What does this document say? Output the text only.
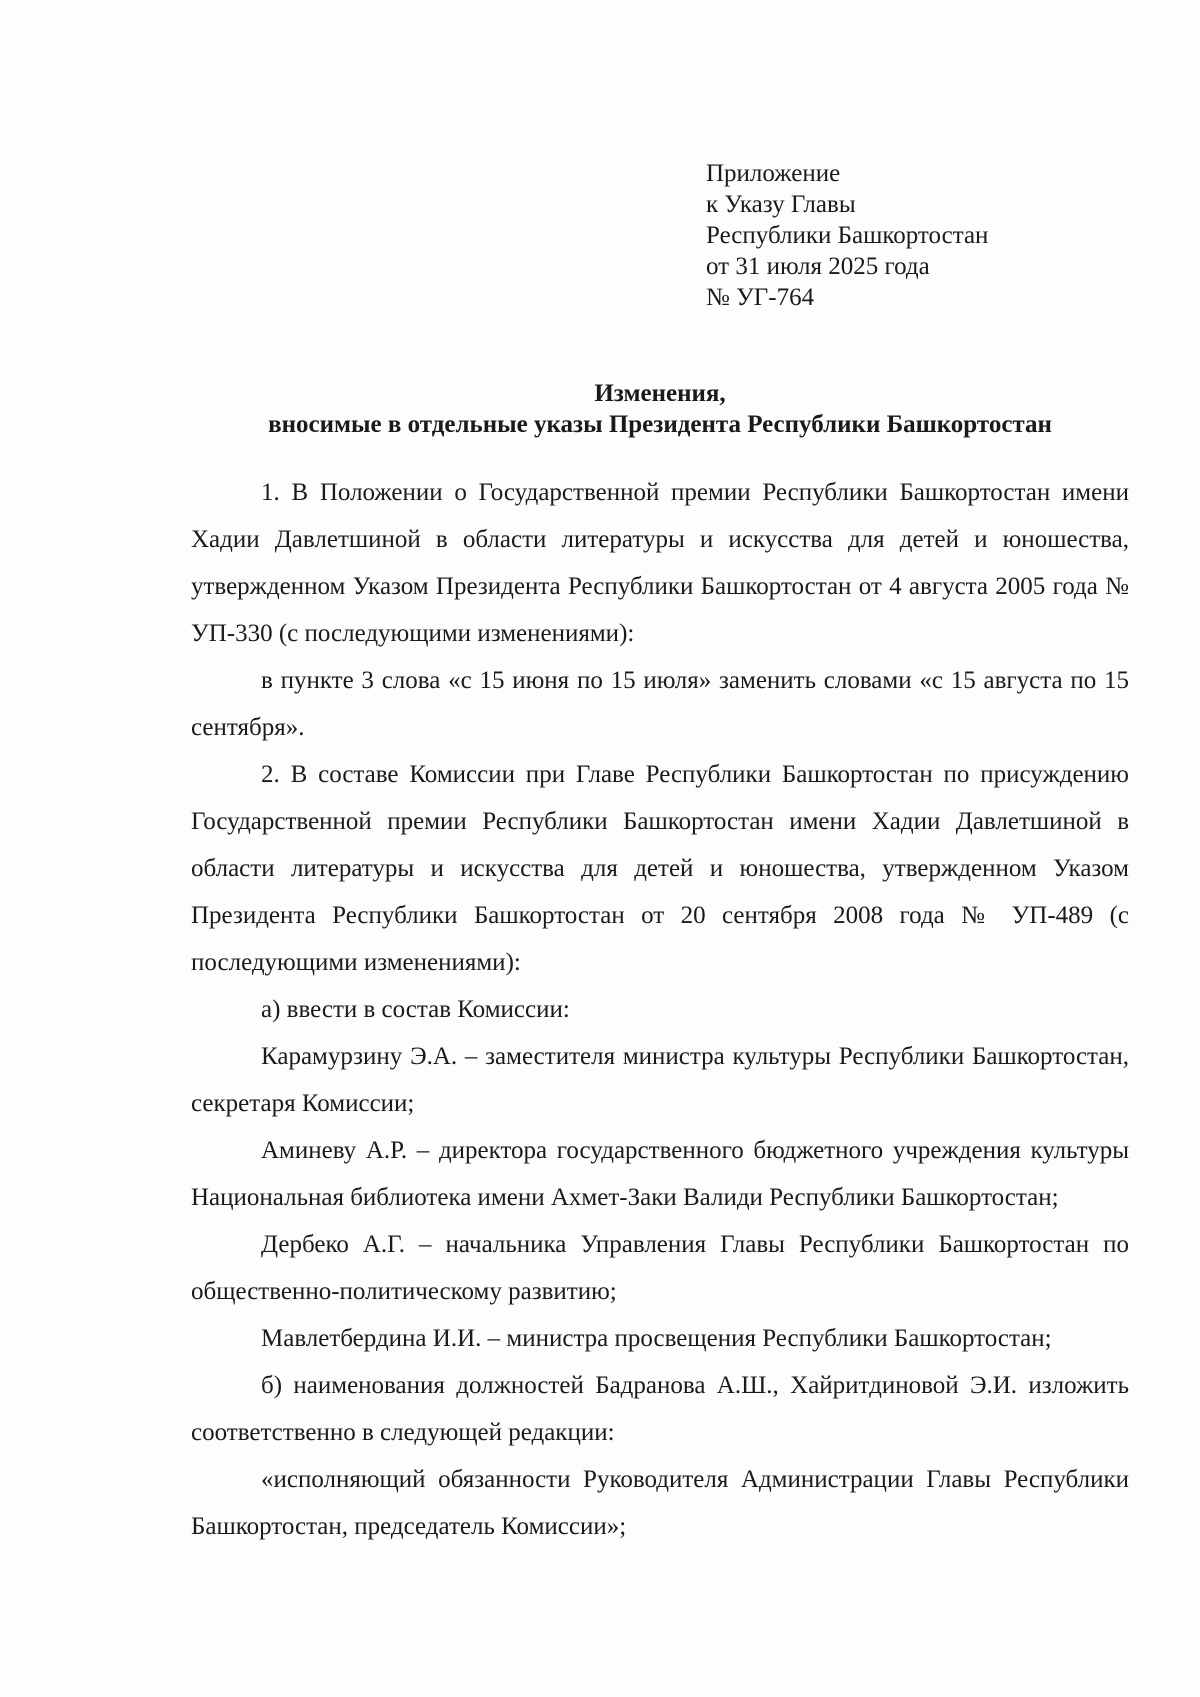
Приложение
к Указу Главы
Республики Башкортостан
от 31 июля 2025 года
№ УГ-764
Изменения,
вносимые в отдельные указы Президента Республики Башкортостан

1. В Положении о Государственной премии Республики Башкортостан имени Хадии Давлетшиной в области литературы и искусства для детей и юношества, утвержденном Указом Президента Республики Башкортостан от 4 августа 2005 года № УП-330 (с последующими изменениями):

в пункте 3 слова «с 15 июня по 15 июля» заменить словами «с 15 августа по 15 сентября».

2. В составе Комиссии при Главе Республики Башкортостан по присуждению Государственной премии Республики Башкортостан имени Хадии Давлетшиной в области литературы и искусства для детей и юношества, утвержденном Указом Президента Республики Башкортостан от 20 сентября 2008 года № УП-489 (с последующими изменениями):

а) ввести в состав Комиссии:

Карамурзину Э.А. – заместителя министра культуры Республики Башкортостан, секретаря Комиссии;

Аминеву А.Р. – директора государственного бюджетного учреждения культуры Национальная библиотека имени Ахмет-Заки Валиди Республики Башкортостан;

Дербеко А.Г. – начальника Управления Главы Республики Башкортостан по общественно-политическому развитию;

Мавлетбердина И.И. – министра просвещения Республики Башкортостан;

б) наименования должностей Бадранова А.Ш., Хайритдиновой Э.И. изложить соответственно в следующей редакции:

«исполняющий обязанности Руководителя Администрации Главы Республики Башкортостан, председатель Комиссии»;
